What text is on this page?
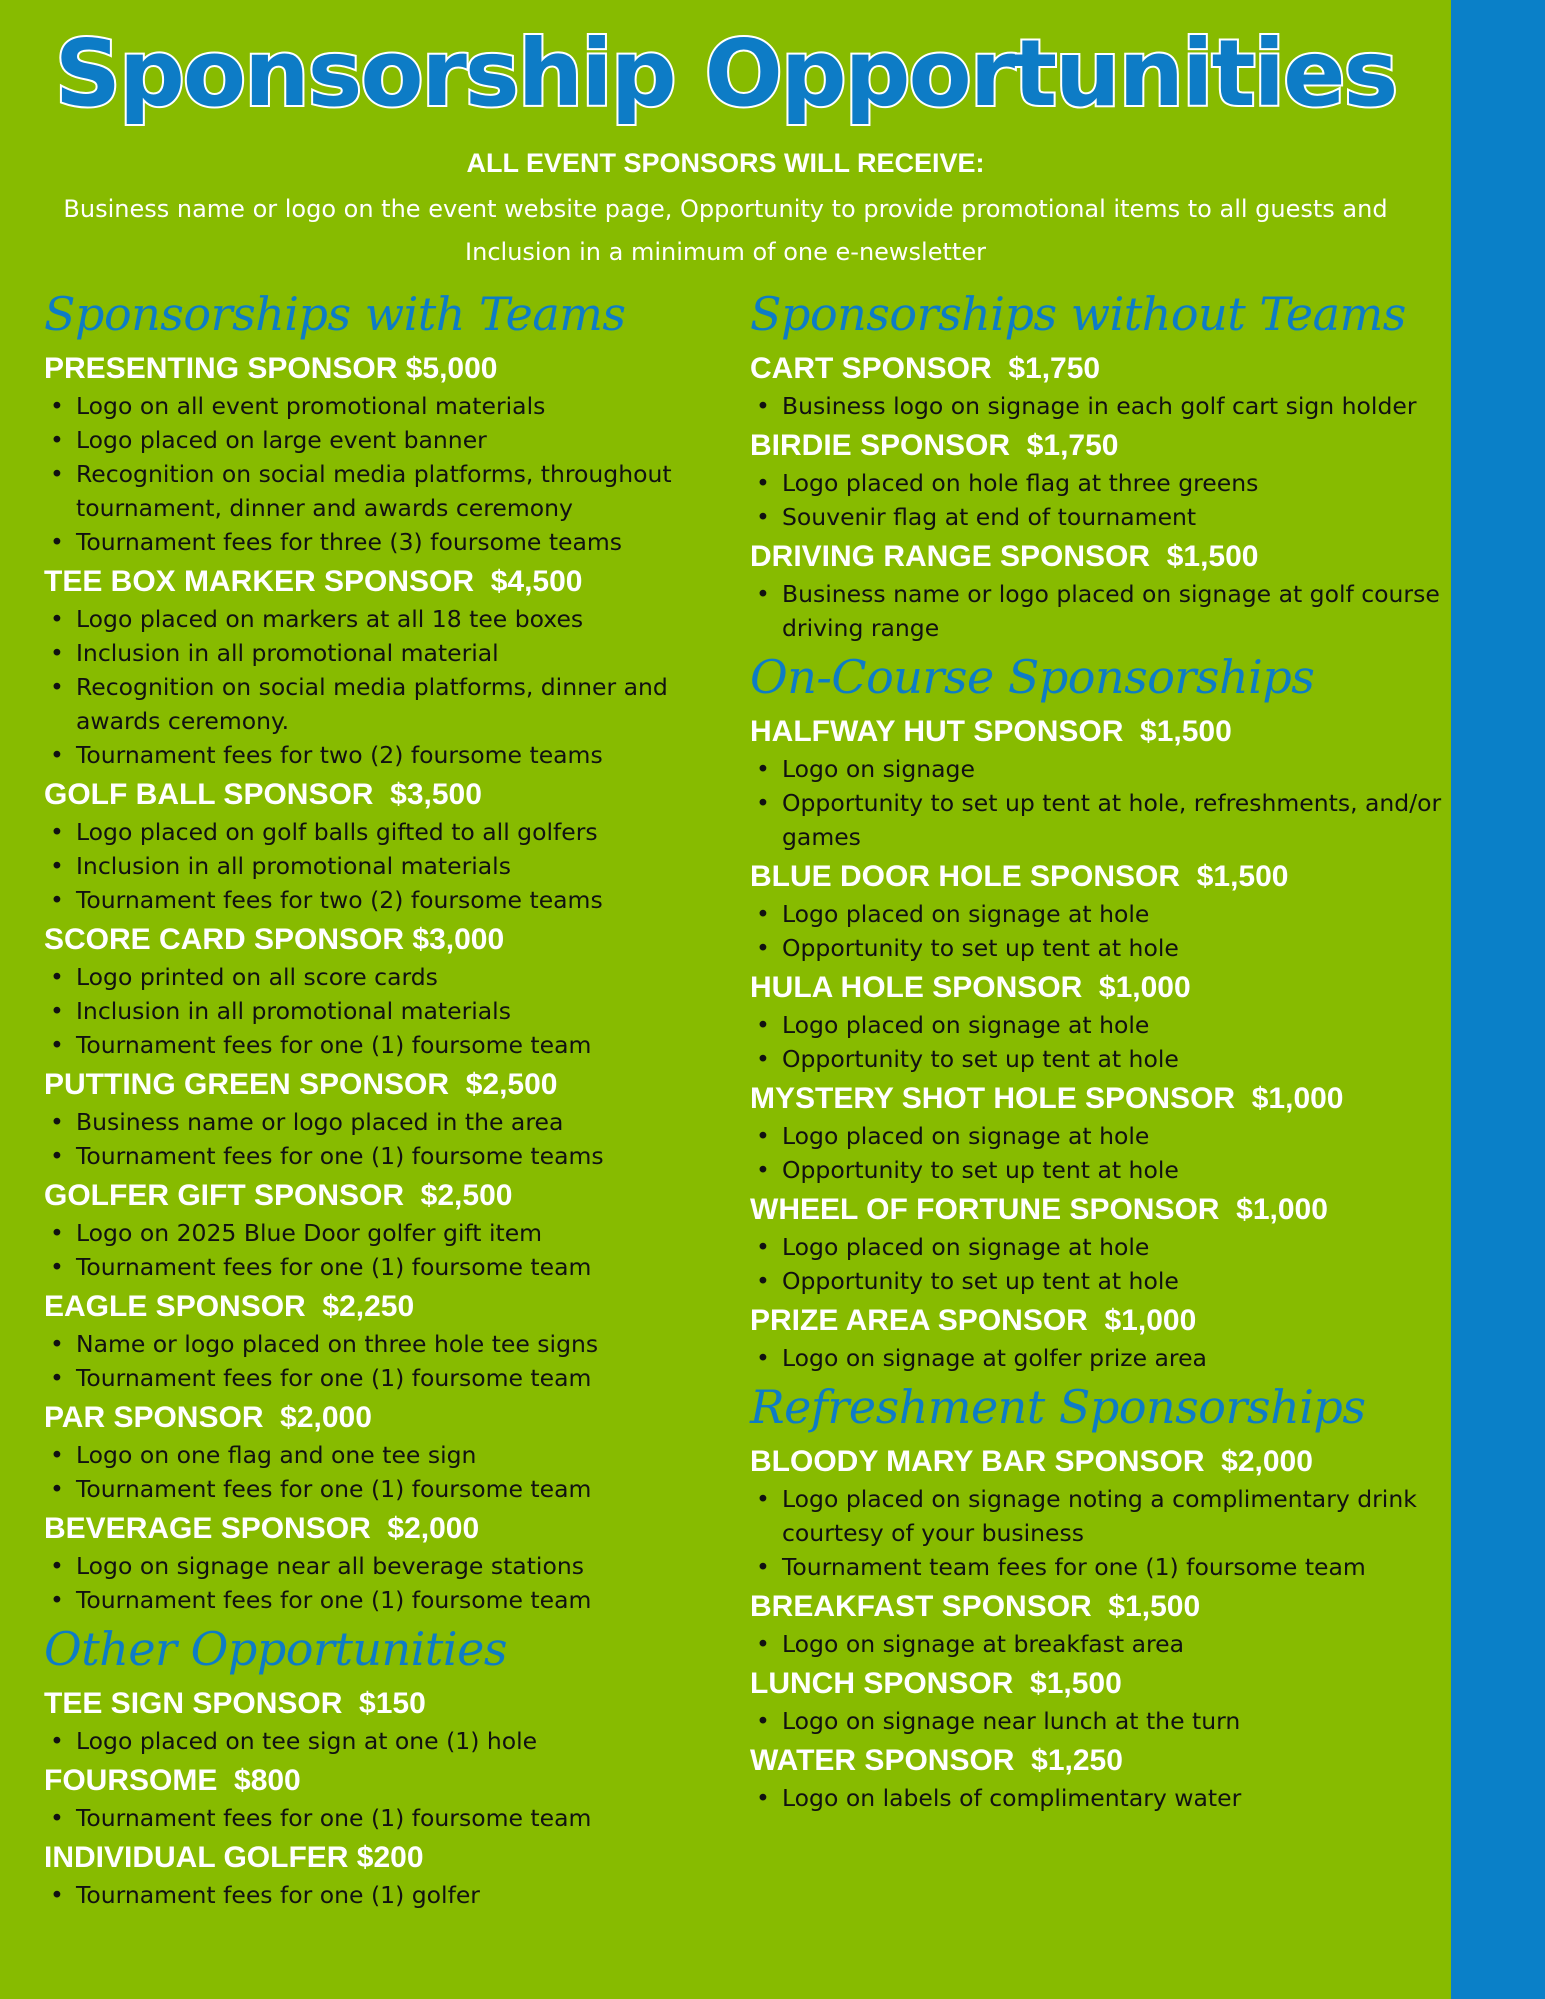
Sponsorship Opportunities
ALL EVENT SPONSORS WILL RECEIVE:
Business name or logo on the event website page, Opportunity to provide promotional items to all guests and Inclusion in a minimum of one e-newsletter
Sponsorships with Teams
PRESENTING SPONSOR $5,000
• Logo on all event promotional materials
• Logo placed on large event banner
• Recognition on social media platforms, throughout tournament, dinner and awards ceremony
• Tournament fees for three (3) foursome teams
TEE BOX MARKER SPONSOR  $4,500
• Logo placed on markers at all 18 tee boxes
• Inclusion in all promotional material
• Recognition on social media platforms, dinner and awards ceremony.
• Tournament fees for two (2) foursome teams
GOLF BALL SPONSOR  $3,500
• Logo placed on golf balls gifted to all golfers
• Inclusion in all promotional materials
• Tournament fees for two (2) foursome teams
SCORE CARD SPONSOR $3,000
• Logo printed on all score cards
• Inclusion in all promotional materials
• Tournament fees for one (1) foursome team
PUTTING GREEN SPONSOR  $2,500
• Business name or logo placed in the area
• Tournament fees for one (1) foursome teams
GOLFER GIFT SPONSOR  $2,500
• Logo on 2025 Blue Door golfer gift item
• Tournament fees for one (1) foursome team
EAGLE SPONSOR  $2,250
• Name or logo placed on three hole tee signs
• Tournament fees for one (1) foursome team
PAR SPONSOR  $2,000
• Logo on one flag and one tee sign
• Tournament fees for one (1) foursome team
BEVERAGE SPONSOR  $2,000
• Logo on signage near all beverage stations
• Tournament fees for one (1) foursome team
Other Opportunities
TEE SIGN SPONSOR  $150
• Logo placed on tee sign at one (1) hole
FOURSOME  $800
• Tournament fees for one (1) foursome team
INDIVIDUAL GOLFER $200
• Tournament fees for one (1) golfer
Sponsorships without Teams
CART SPONSOR  $1,750
• Business logo on signage in each golf cart sign holder
BIRDIE SPONSOR  $1,750
• Logo placed on hole flag at three greens
• Souvenir flag at end of tournament
DRIVING RANGE SPONSOR  $1,500
• Business name or logo placed on signage at golf course driving range
On-Course Sponsorships
HALFWAY HUT SPONSOR  $1,500
• Logo on signage
• Opportunity to set up tent at hole, refreshments, and/or games
BLUE DOOR HOLE SPONSOR  $1,500
• Logo placed on signage at hole
• Opportunity to set up tent at hole
HULA HOLE SPONSOR  $1,000
• Logo placed on signage at hole
• Opportunity to set up tent at hole
MYSTERY SHOT HOLE SPONSOR  $1,000
• Logo placed on signage at hole
• Opportunity to set up tent at hole
WHEEL OF FORTUNE SPONSOR  $1,000
• Logo placed on signage at hole
• Opportunity to set up tent at hole
PRIZE AREA SPONSOR  $1,000
• Logo on signage at golfer prize area
Refreshment Sponsorships
BLOODY MARY BAR SPONSOR  $2,000
• Logo placed on signage noting a complimentary drink courtesy of your business
• Tournament team fees for one (1) foursome team
BREAKFAST SPONSOR  $1,500
• Logo on signage at breakfast area
LUNCH SPONSOR  $1,500
• Logo on signage near lunch at the turn
WATER SPONSOR  $1,250
• Logo on labels of complimentary water
